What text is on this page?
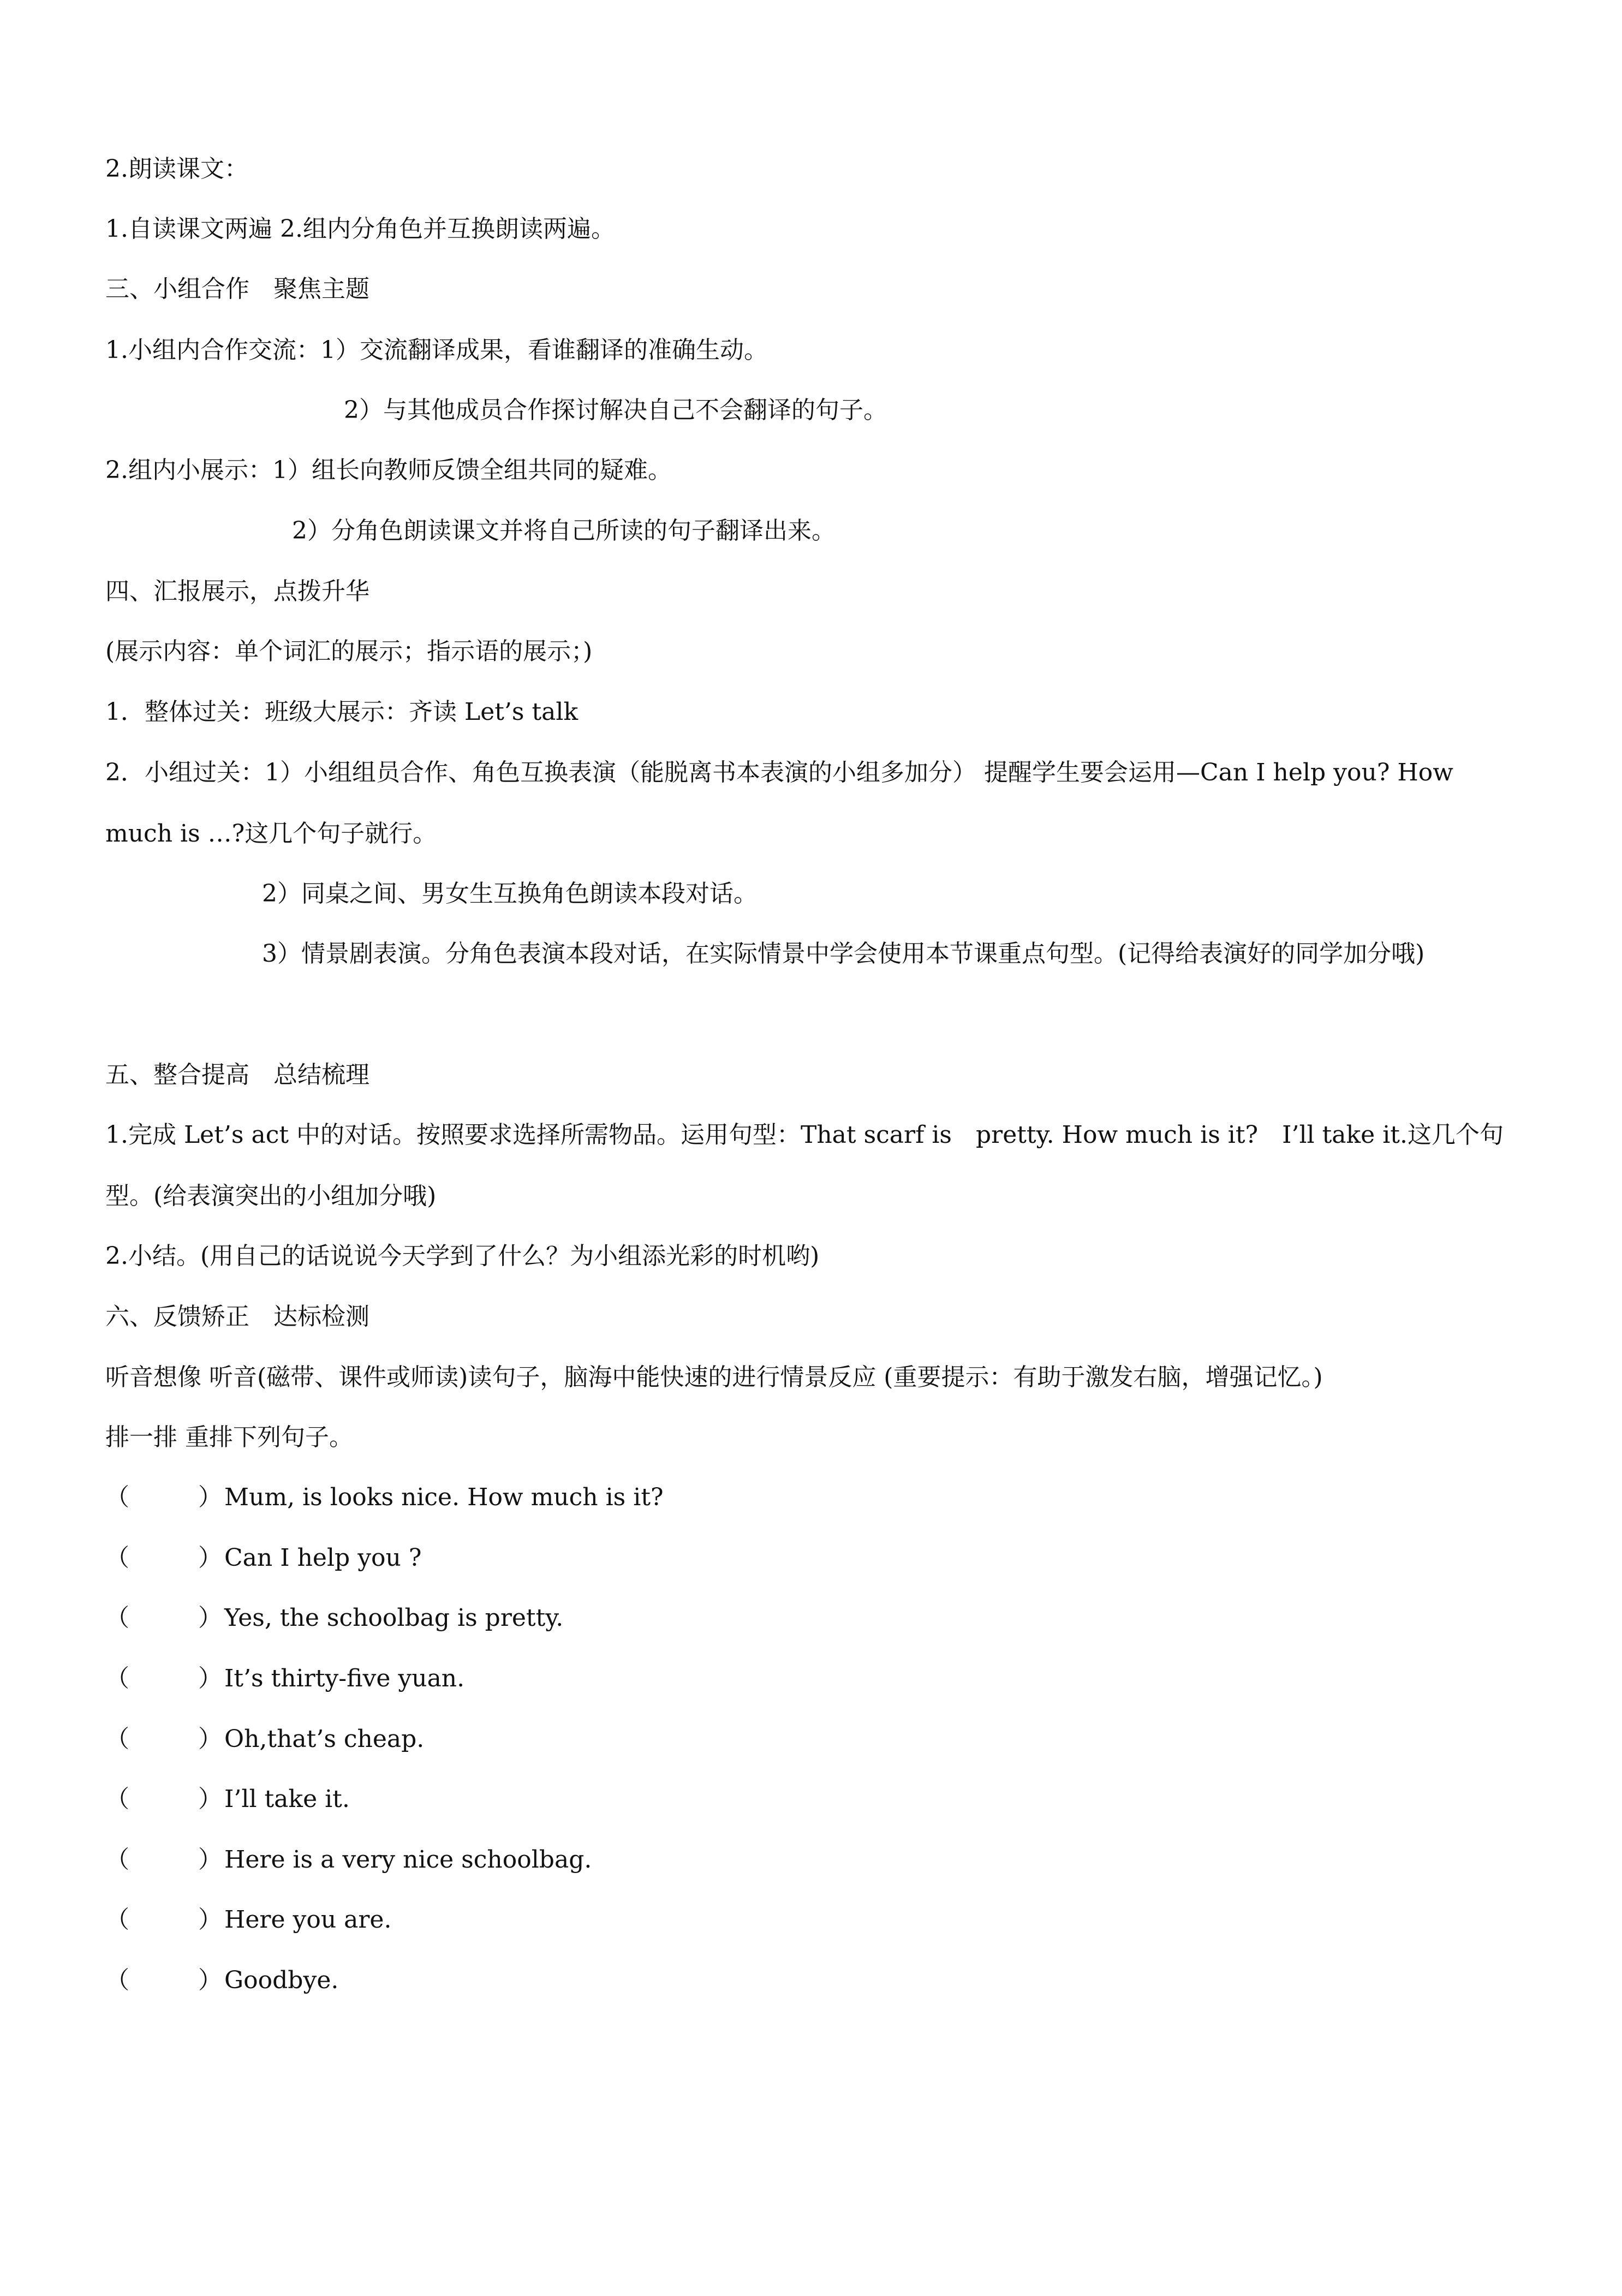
2.朗读课文：
1.自读课文两遍 2.组内分角色并互换朗读两遍。
三、小组合作　聚焦主题
1.小组内合作交流：1）交流翻译成果，看谁翻译的准确生动。
2）与其他成员合作探讨解决自己不会翻译的句子。
2.组内小展示：1）组长向教师反馈全组共同的疑难。
2）分角色朗读课文并将自己所读的句子翻译出来。
四、汇报展示，点拨升华
(展示内容：单个词汇的展示；指示语的展示；)
1．整体过关：班级大展示：齐读 Let’s talk
2．小组过关：1）小组组员合作、角色互换表演（能脱离书本表演的小组多加分） 提醒学生要会运用—Can I help you? How much is …?这几个句子就行。
2）同桌之间、男女生互换角色朗读本段对话。
3）情景剧表演。分角色表演本段对话，在实际情景中学会使用本节课重点句型。(记得给表演好的同学加分哦)
五、整合提高　总结梳理
1.完成 Let’s act 中的对话。按照要求选择所需物品。运用句型：That scarf is　pretty. How much is it?　I’ll take it.这几个句型。(给表演突出的小组加分哦)
2.小结。(用自己的话说说今天学到了什么？为小组添光彩的时机哟)
六、反馈矫正　达标检测
听音想像 听音(磁带、课件或师读)读句子，脑海中能快速的进行情景反应 (重要提示：有助于激发右脑，增强记忆。)
排一排 重排下列句子。
（	）Mum, is looks nice. How much is it?
（	）Can I help you ?
（	）Yes, the schoolbag is pretty.
（	）It’s thirty-five yuan.
（	）Oh,that’s cheap.
（	）I’ll take it.
（	）Here is a very nice schoolbag.
（	）Here you are.
（	）Goodbye.
